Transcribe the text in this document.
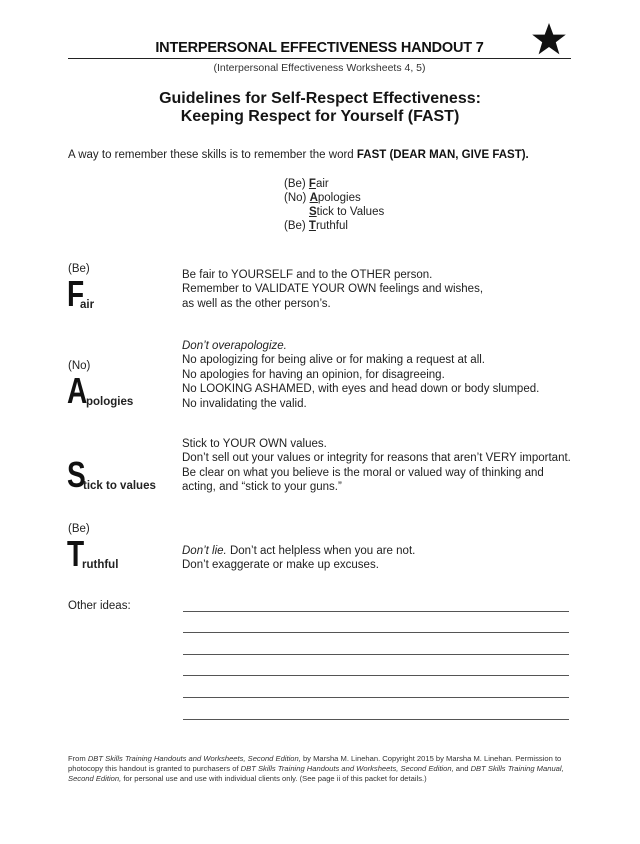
INTERPERSONAL EFFECTIVENESS HANDOUT 7
(Interpersonal Effectiveness Worksheets 4, 5)
Guidelines for Self-Respect Effectiveness:
Keeping Respect for Yourself (FAST)
A way to remember these skills is to remember the word FAST (DEAR MAN, GIVE FAST).
(Be) Fair
(No) Apologies
Stick to Values
(Be) Truthful
(Be)
F
air
Be fair to YOURSELF and to the OTHER person.
Remember to VALIDATE YOUR OWN feelings and wishes,
as well as the other person’s.
(No)
A
pologies
Don’t overapologize.
No apologizing for being alive or for making a request at all.
No apologies for having an opinion, for disagreeing.
No LOOKING ASHAMED, with eyes and head down or body slumped.
No invalidating the valid.
S
tick to values
Stick to YOUR OWN values.
Don’t sell out your values or integrity for reasons that aren’t VERY important.
Be clear on what you believe is the moral or valued way of thinking and
acting, and “stick to your guns.”
(Be)
T
ruthful
Don’t lie. Don’t act helpless when you are not.
Don’t exaggerate or make up excuses.
Other ideas:
From DBT Skills Training Handouts and Worksheets, Second Edition, by Marsha M. Linehan. Copyright 2015 by Marsha M. Linehan. Permission to photocopy this handout is granted to purchasers of DBT Skills Training Handouts and Worksheets, Second Edition, and DBT Skills Training Manual, Second Edition, for personal use and use with individual clients only. (See page ii of this packet for details.)
